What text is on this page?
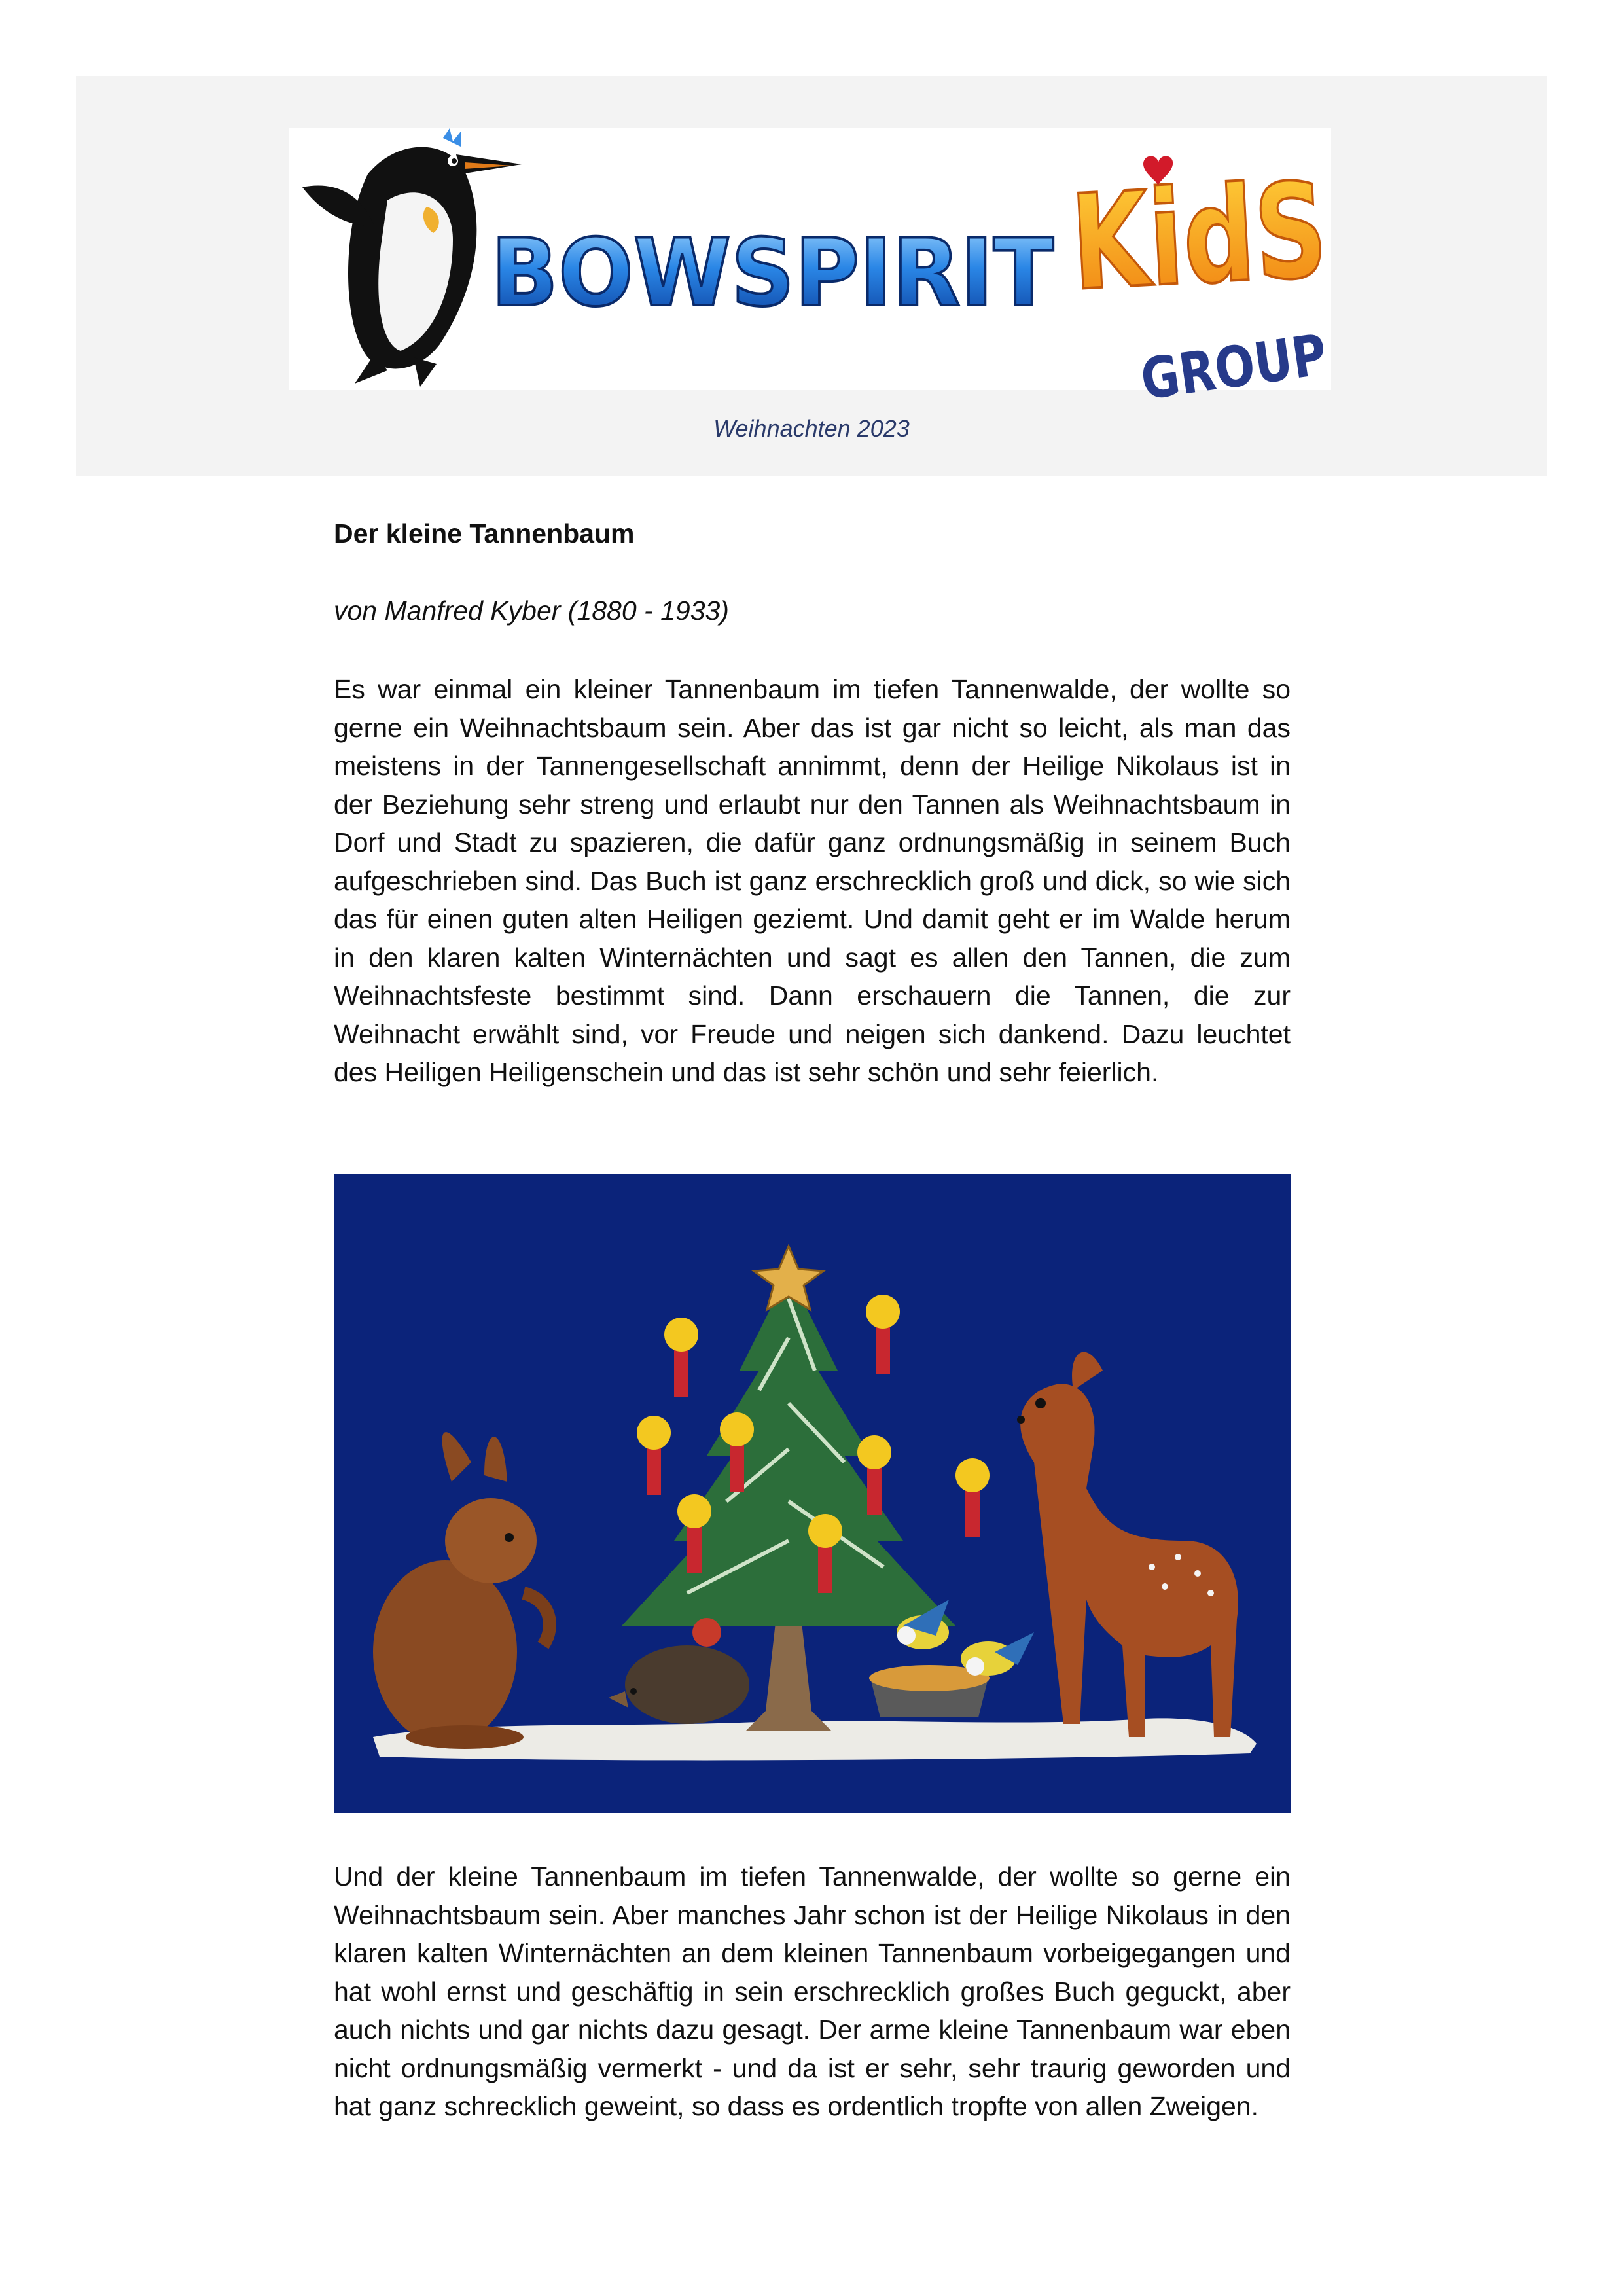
BOWSPIRIT KidS
GROUP
Weihnachten 2023
Der kleine Tannenbaum
von Manfred Kyber (1880 - 1933)
Es war einmal ein kleiner Tannenbaum im tiefen Tannenwalde, der wollte so gerne ein Weihnachtsbaum sein. Aber das ist gar nicht so leicht, als man das meistens in der Tannengesellschaft annimmt, denn der Heilige Nikolaus ist in der Beziehung sehr streng und erlaubt nur den Tannen als Weihnachtsbaum in Dorf und Stadt zu spazieren, die dafür ganz ordnungsmäßig in seinem Buch aufgeschrieben sind. Das Buch ist ganz erschrecklich groß und dick, so wie sich das für einen guten alten Heiligen geziemt. Und damit geht er im Walde herum in den klaren kalten Winternächten und sagt es allen den Tannen, die zum Weihnachtsfeste bestimmt sind. Dann erschauern die Tannen, die zur Weihnacht erwählt sind, vor Freude und neigen sich dankend. Dazu leuchtet des Heiligen Heiligenschein und das ist sehr schön und sehr feierlich.
Und der kleine Tannenbaum im tiefen Tannenwalde, der wollte so gerne ein Weihnachtsbaum sein. Aber manches Jahr schon ist der Heilige Nikolaus in den klaren kalten Winternächten an dem kleinen Tannenbaum vorbeigegangen und hat wohl ernst und geschäftig in sein erschrecklich großes Buch geguckt, aber auch nichts und gar nichts dazu gesagt. Der arme kleine Tannenbaum war eben nicht ordnungsmäßig vermerkt - und da ist er sehr, sehr traurig geworden und hat ganz schrecklich geweint, so dass es ordentlich tropfte von allen Zweigen.
